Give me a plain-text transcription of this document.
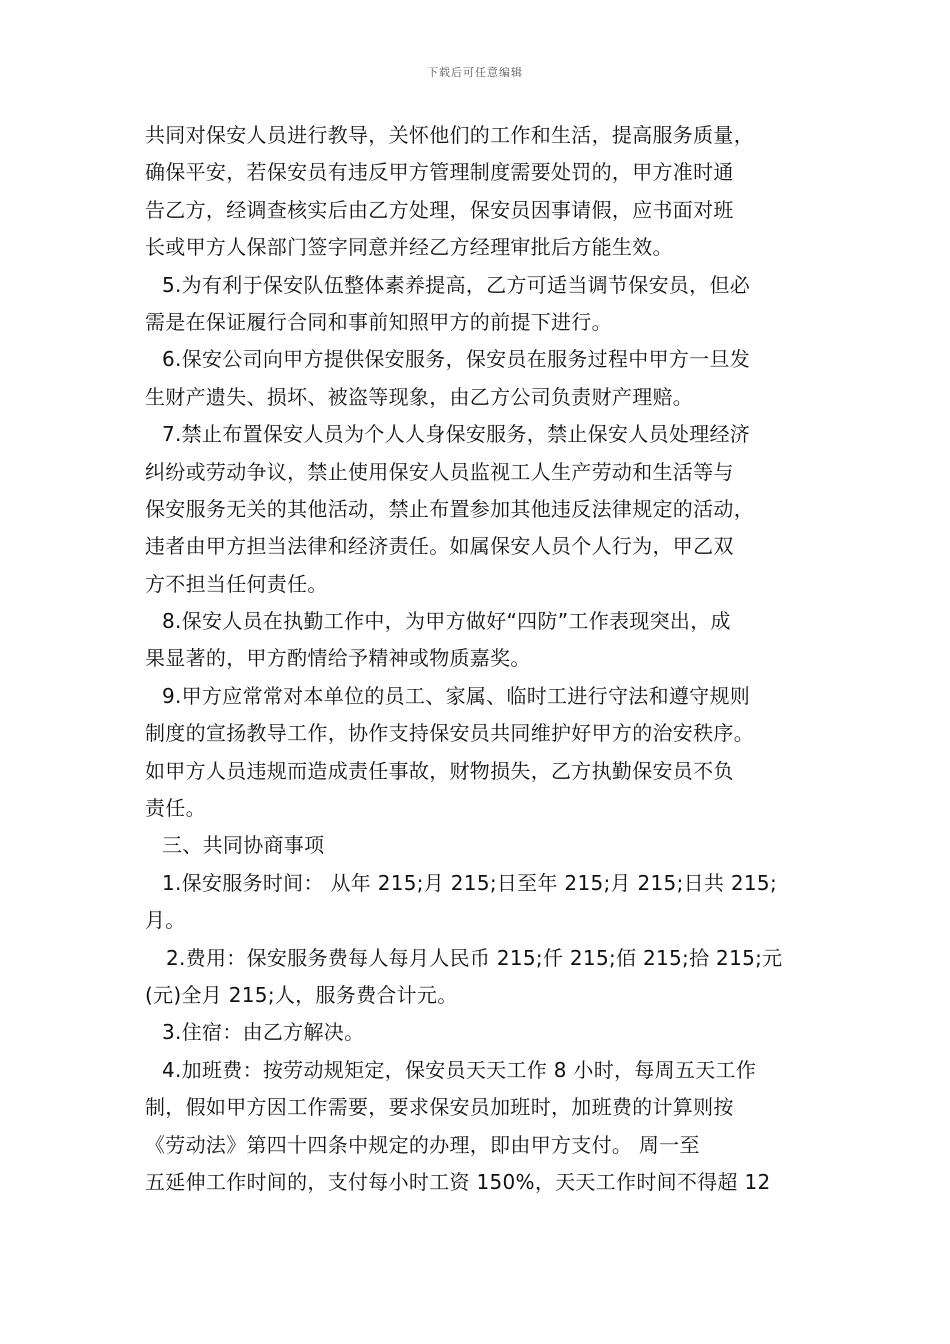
下载后可任意编辑
共同对保安人员进行教导，关怀他们的工作和生活，提高服务质量，
确保平安，若保安员有违反甲方管理制度需要处罚的，甲方准时通
告乙方，经调查核实后由乙方处理，保安员因事请假，应书面对班
长或甲方人保部门签字同意并经乙方经理审批后方能生效。
5.为有利于保安队伍整体素养提高，乙方可适当调节保安员，但必
需是在保证履行合同和事前知照甲方的前提下进行。
6.保安公司向甲方提供保安服务，保安员在服务过程中甲方一旦发
生财产遗失、损坏、被盗等现象，由乙方公司负责财产理赔。
7.禁止布置保安人员为个人人身保安服务，禁止保安人员处理经济
纠纷或劳动争议，禁止使用保安人员监视工人生产劳动和生活等与
保安服务无关的其他活动，禁止布置参加其他违反法律规定的活动，
违者由甲方担当法律和经济责任。如属保安人员个人行为，甲乙双
方不担当任何责任。
8.保安人员在执勤工作中，为甲方做好“四防”工作表现突出，成
果显著的，甲方酌情给予精神或物质嘉奖。
9.甲方应常常对本单位的员工、家属、临时工进行守法和遵守规则
制度的宣扬教导工作，协作支持保安员共同维护好甲方的治安秩序。
如甲方人员违规而造成责任事故，财物损失，乙方执勤保安员不负
责任。
三、共同协商事项
1.保安服务时间： 从年 215;月 215;日至年 215;月 215;日共 215;
月。
2.费用：保安服务费每人每月人民币 215;仟 215;佰 215;拾 215;元
(元)全月 215;人，服务费合计元。
3.住宿：由乙方解决。
4.加班费：按劳动规矩定，保安员天天工作 8 小时，每周五天工作
制，假如甲方因工作需要，要求保安员加班时，加班费的计算则按
《劳动法》第四十四条中规定的办理，即由甲方支付。 周一至
五延伸工作时间的，支付每小时工资 150%，天天工作时间不得超 12
